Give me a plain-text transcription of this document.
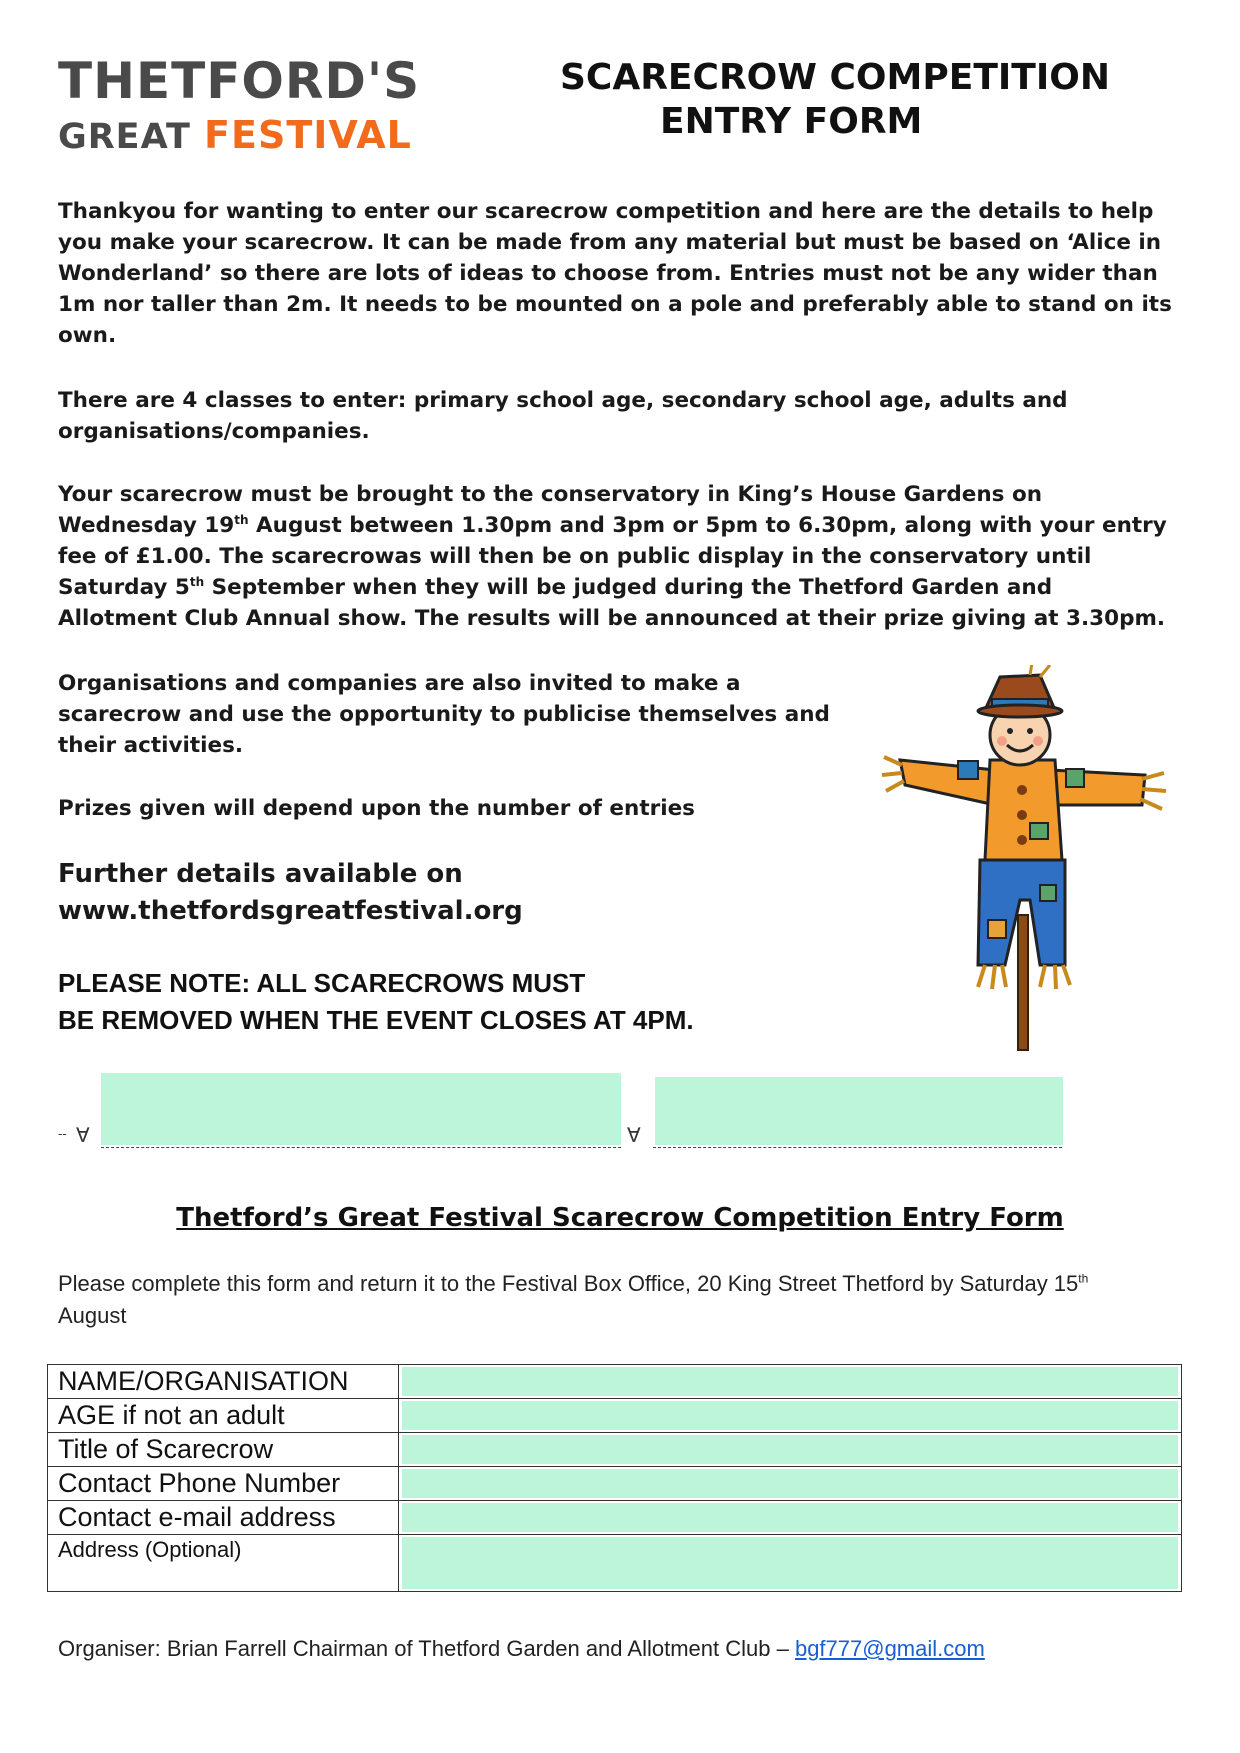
THETFORD'S
GREAT FESTIVAL
SCARECROW COMPETITION
ENTRY FORM
Thankyou for wanting to enter our scarecrow competition and here are the details to help you make your scarecrow. It can be made from any material but must be based on ‘Alice in Wonderland’ so there are lots of ideas to choose from. Entries must not be any wider than 1m nor taller than 2m. It needs to be mounted on a pole and preferably able to stand on its own.
There are 4 classes to enter: primary school age, secondary school age, adults and organisations/companies.
Your scarecrow must be brought to the conservatory in King’s House Gardens on Wednesday 19th August between 1.30pm and 3pm or 5pm to 6.30pm, along with your entry fee of £1.00. The scarecrowas will then be on public display in the conservatory until Saturday 5th September when they will be judged during the Thetford Garden and Allotment Club Annual show. The results will be announced at their prize giving at 3.30pm.
Organisations and companies are also invited to make a scarecrow and use the opportunity to publicise themselves and their activities.
Prizes given will depend upon the number of entries
Further details available on
www.thetfordsgreatfestival.org
PLEASE NOTE: ALL SCARECROWS MUST
BE REMOVED WHEN THE EVENT CLOSES AT 4PM.
-- ∀	∀
Thetford’s Great Festival Scarecrow Competition Entry Form
Please complete this form and return it to the Festival Box Office, 20 King Street Thetford by Saturday 15th August
NAME/ORGANISATION	

AGE if not an adult	

Title of Scarecrow	

Contact Phone Number	

Contact e-mail address	

Address (Optional)	
Organiser: Brian Farrell Chairman of Thetford Garden and Allotment Club – bgf777@gmail.com
